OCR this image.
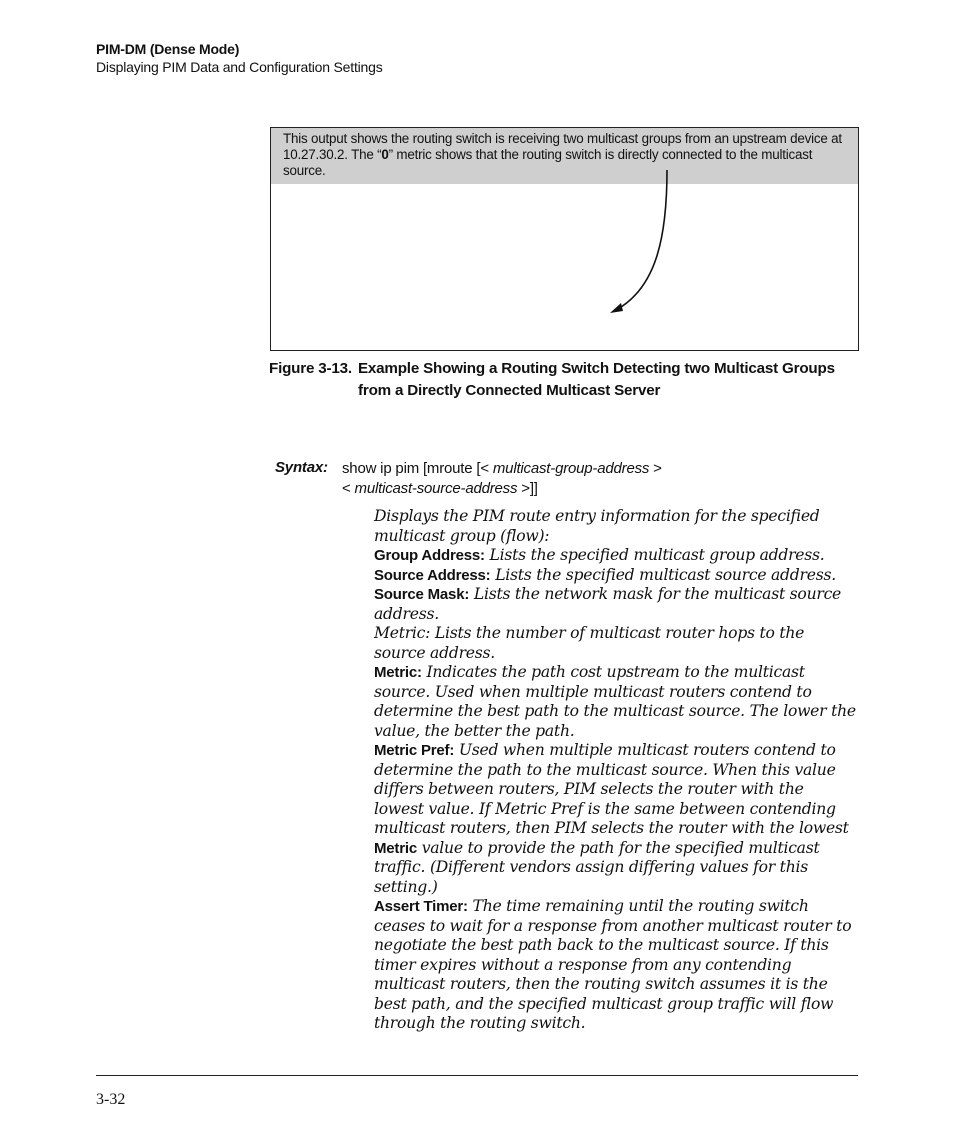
PIM-DM (Dense Mode)
Displaying PIM Data and Configuration Settings
This output shows the routing switch is receiving two multicast groups from an upstream device at 10.27.30.2. The “0” metric shows that the routing switch is directly connected to the multicast source.
Figure 3-13. Example Showing a Routing Switch Detecting two Multicast Groups
from a Directly Connected Multicast Server
Syntax: show ip pim [mroute [< multicast-group-address >
< multicast-source-address >]]

Displays the PIM route entry information for the specified multicast group (flow):

Group Address: Lists the specified multicast group address.

Source Address: Lists the specified multicast source address.

Source Mask: Lists the network mask for the multicast source address.

Metric: Lists the number of multicast router hops to the source address.

Metric: Indicates the path cost upstream to the multicast source. Used when multiple multicast routers contend to determine the best path to the multicast source. The lower the value, the better the path.

Metric Pref: Used when multiple multicast routers contend to determine the path to the multicast source. When this value differs between routers, PIM selects the router with the lowest value. If Metric Pref is the same between contending multicast routers, then PIM selects the router with the lowest Metric value to provide the path for the specified multicast traffic. (Different vendors assign differing values for this setting.)

Assert Timer: The time remaining until the routing switch ceases to wait for a response from another multicast router to negotiate the best path back to the multicast source. If this timer expires without a response from any contending multicast routers, then the routing switch assumes it is the best path, and the specified multicast group traffic will flow through the routing switch.

3-32
